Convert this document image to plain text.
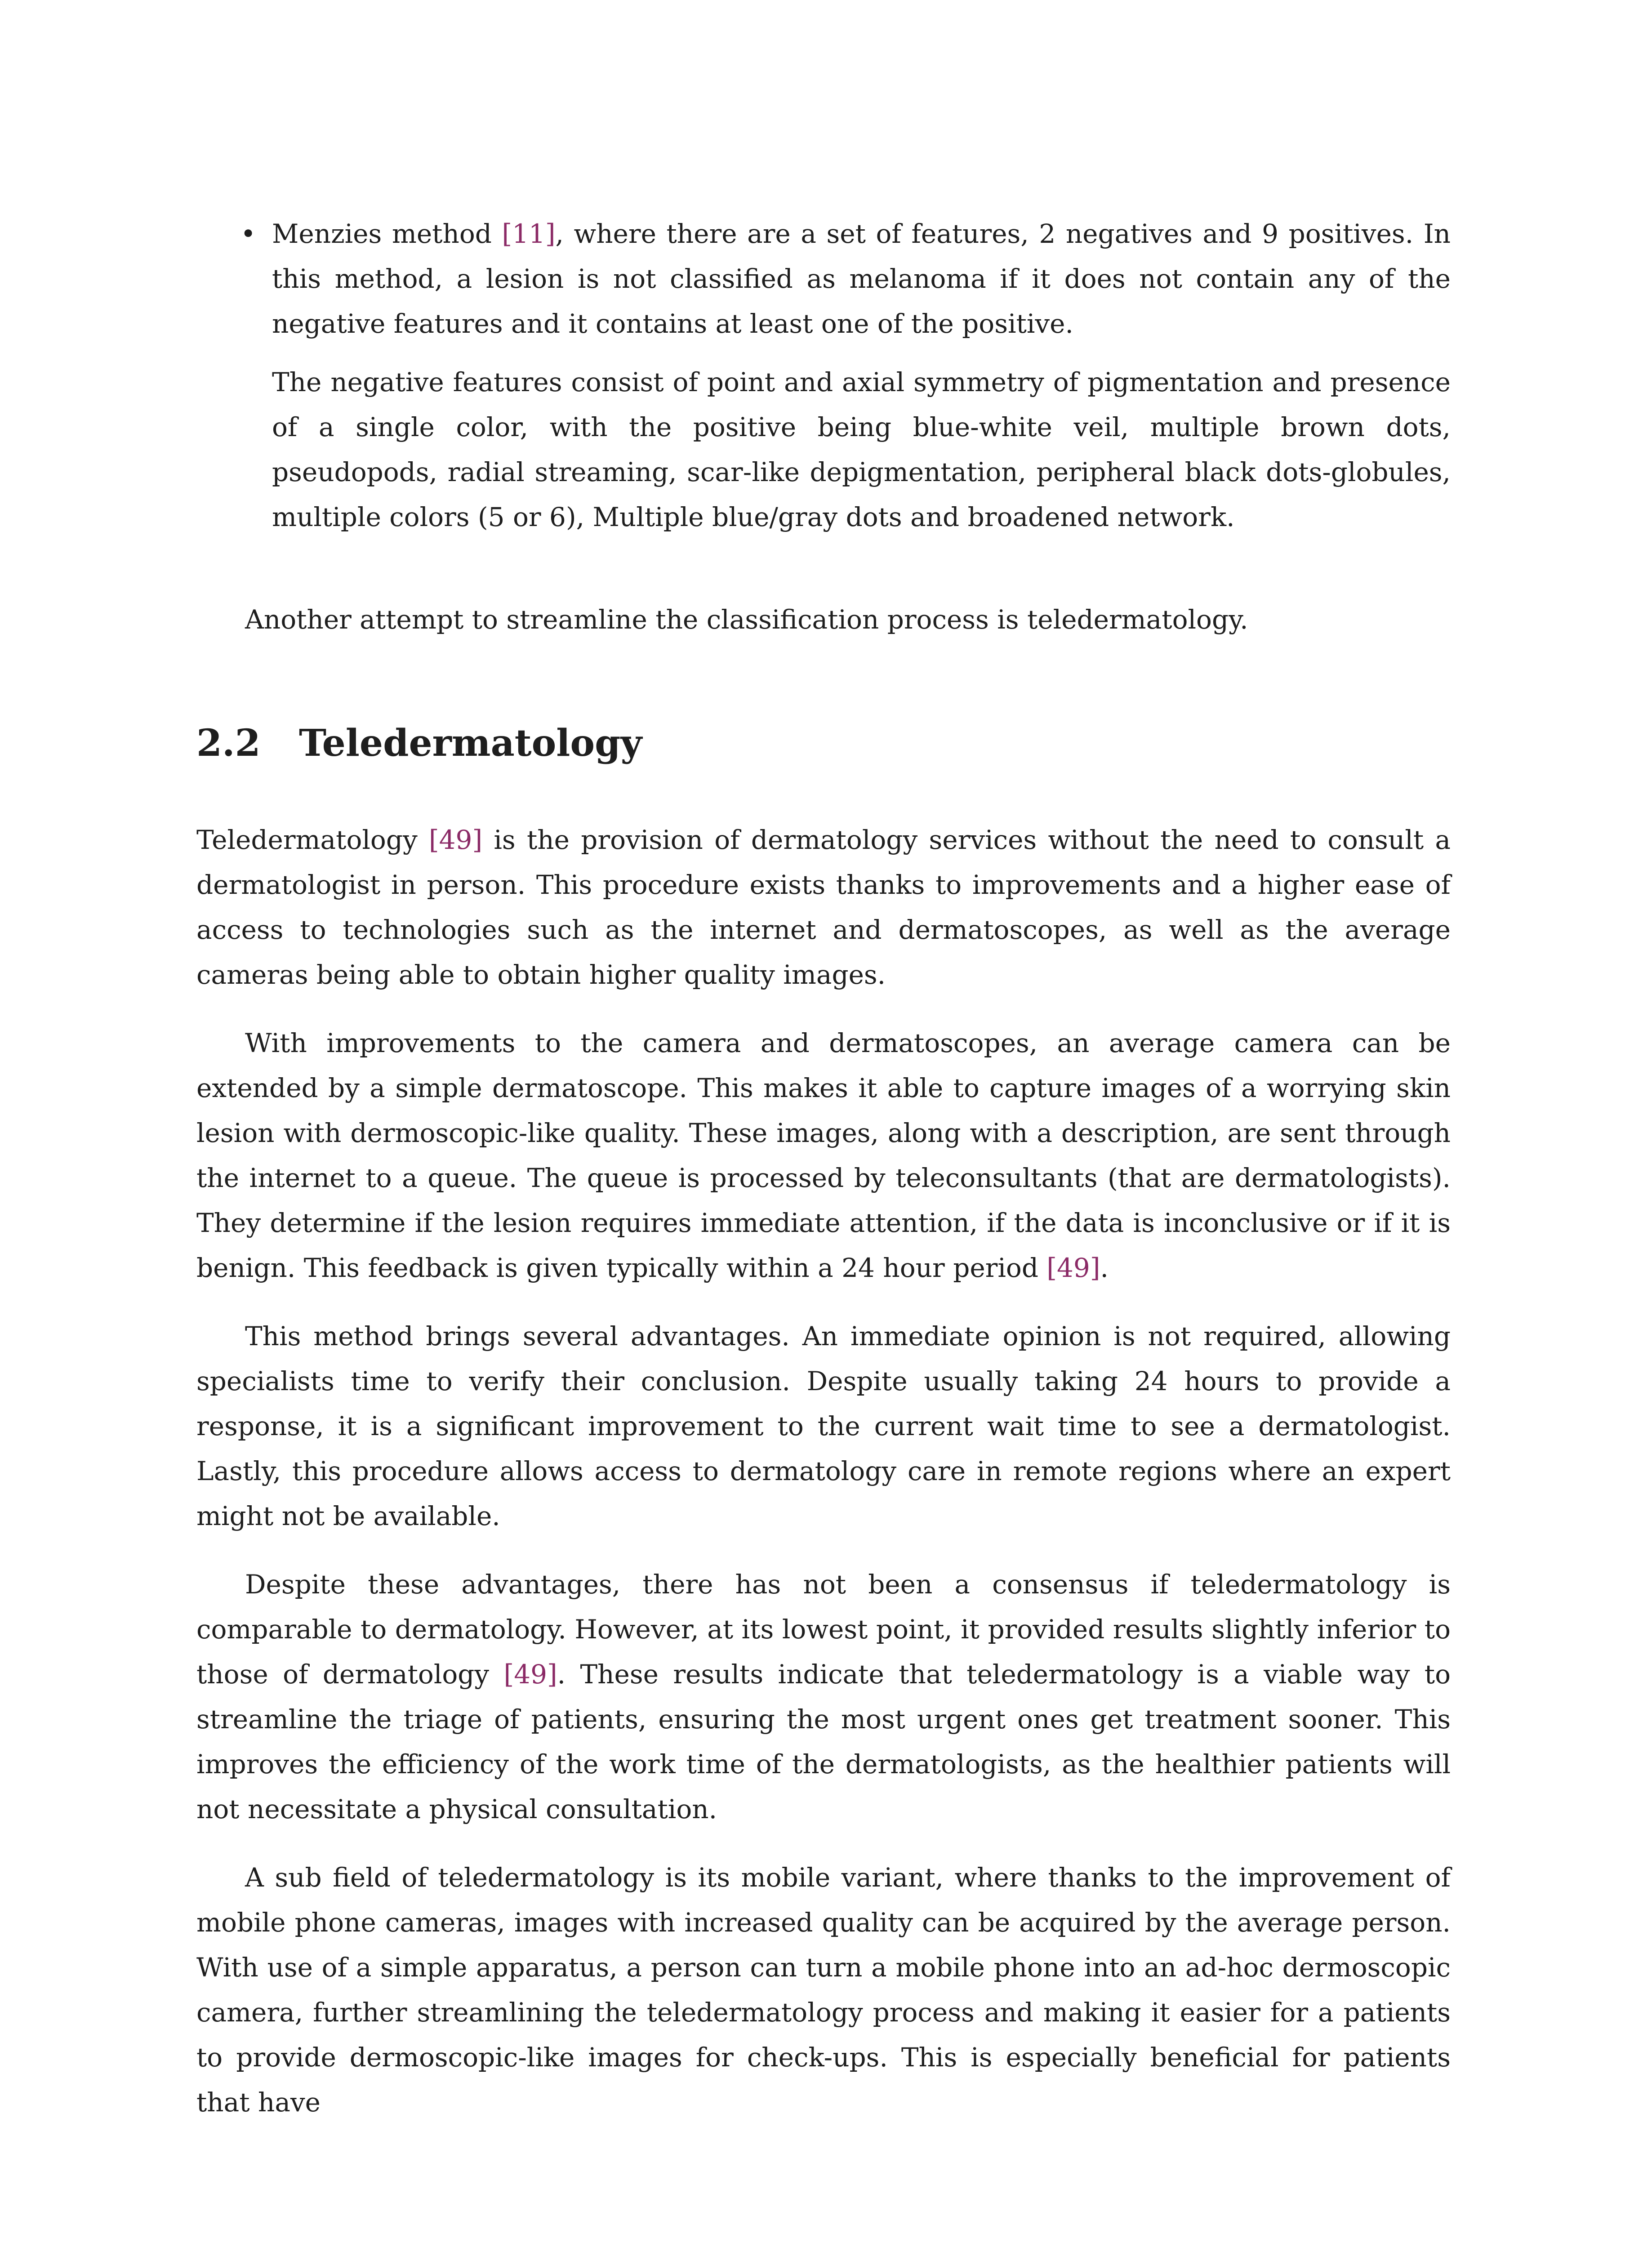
• Menzies method [11], where there are a set of features, 2 negatives and 9 positives. In this method, a lesion is not classified as melanoma if it does not contain any of the negative features and it contains at least one of the positive.

The negative features consist of point and axial symmetry of pigmentation and presence of a single color, with the positive being blue-white veil, multiple brown dots, pseudopods, radial streaming, scar-like depigmentation, peripheral black dots-globules, multiple colors (5 or 6), Multiple blue/gray dots and broadened network.

Another attempt to streamline the classification process is teledermatology.

2.2 Teledermatology

Teledermatology [49] is the provision of dermatology services without the need to consult a dermatologist in person. This procedure exists thanks to improvements and a higher ease of access to technologies such as the internet and dermatoscopes, as well as the average cameras being able to obtain higher quality images.

With improvements to the camera and dermatoscopes, an average camera can be extended by a simple dermatoscope. This makes it able to capture images of a worrying skin lesion with dermoscopic-like quality. These images, along with a description, are sent through the internet to a queue. The queue is processed by teleconsultants (that are dermatologists). They determine if the lesion requires immediate attention, if the data is inconclusive or if it is benign. This feedback is given typically within a 24 hour period [49].

This method brings several advantages. An immediate opinion is not required, allowing specialists time to verify their conclusion. Despite usually taking 24 hours to provide a response, it is a significant improvement to the current wait time to see a dermatologist. Lastly, this procedure allows access to dermatology care in remote regions where an expert might not be available.

Despite these advantages, there has not been a consensus if teledermatology is comparable to dermatology. However, at its lowest point, it provided results slightly inferior to those of dermatology [49]. These results indicate that teledermatology is a viable way to streamline the triage of patients, ensuring the most urgent ones get treatment sooner. This improves the efficiency of the work time of the dermatologists, as the healthier patients will not necessitate a physical consultation.

A sub field of teledermatology is its mobile variant, where thanks to the improvement of mobile phone cameras, images with increased quality can be acquired by the average person. With use of a simple apparatus, a person can turn a mobile phone into an ad-hoc dermoscopic camera, further streamlining the teledermatology process and making it easier for a patients to provide dermoscopic-like images for check-ups. This is especially beneficial for patients that have
